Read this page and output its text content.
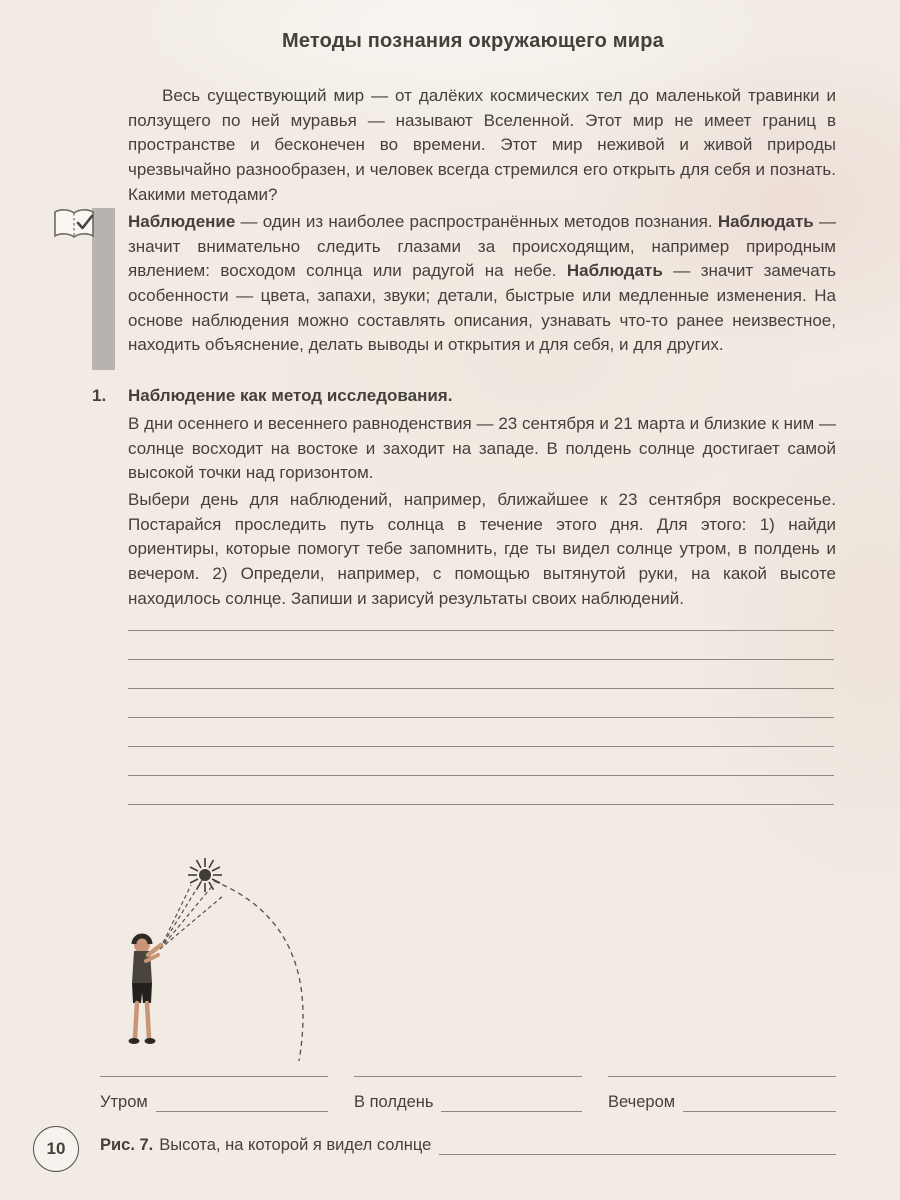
Методы познания окружающего мира
Весь существующий мир — от далёких космических тел до маленькой травинки и ползущего по ней муравья — называют Вселенной. Этот мир не имеет границ в пространстве и бесконечен во времени. Этот мир неживой и живой природы чрезвычайно разнообразен, и человек всегда стремился его открыть для себя и познать. Какими методами?
Наблюдение — один из наиболее распространённых методов познания. Наблюдать — значит внимательно следить глазами за происходящим, например природным явлением: восходом солнца или радугой на небе. Наблюдать — значит замечать особенности — цвета, запахи, звуки; детали, быстрые или медленные изменения. На основе наблюдения можно составлять описания, узнавать что-то ранее неизвестное, находить объяснение, делать выводы и открытия и для себя, и для других.
1. Наблюдение как метод исследования.
В дни осеннего и весеннего равноденствия — 23 сентября и 21 марта и близкие к ним — солнце восходит на востоке и заходит на западе. В полдень солнце достигает самой высокой точки над горизонтом.
Выбери день для наблюдений, например, ближайшее к 23 сентября воскресенье. Постарайся проследить путь солнца в течение этого дня. Для этого: 1) найди ориентиры, которые помогут тебе запомнить, где ты видел солнце утром, в полдень и вечером. 2) Определи, например, с помощью вытянутой руки, на какой высоте находилось солнце. Запиши и зарисуй результаты своих наблюдений.
Утром	В полдень	Вечером
Рис. 7. Высота, на которой я видел солнце
10
